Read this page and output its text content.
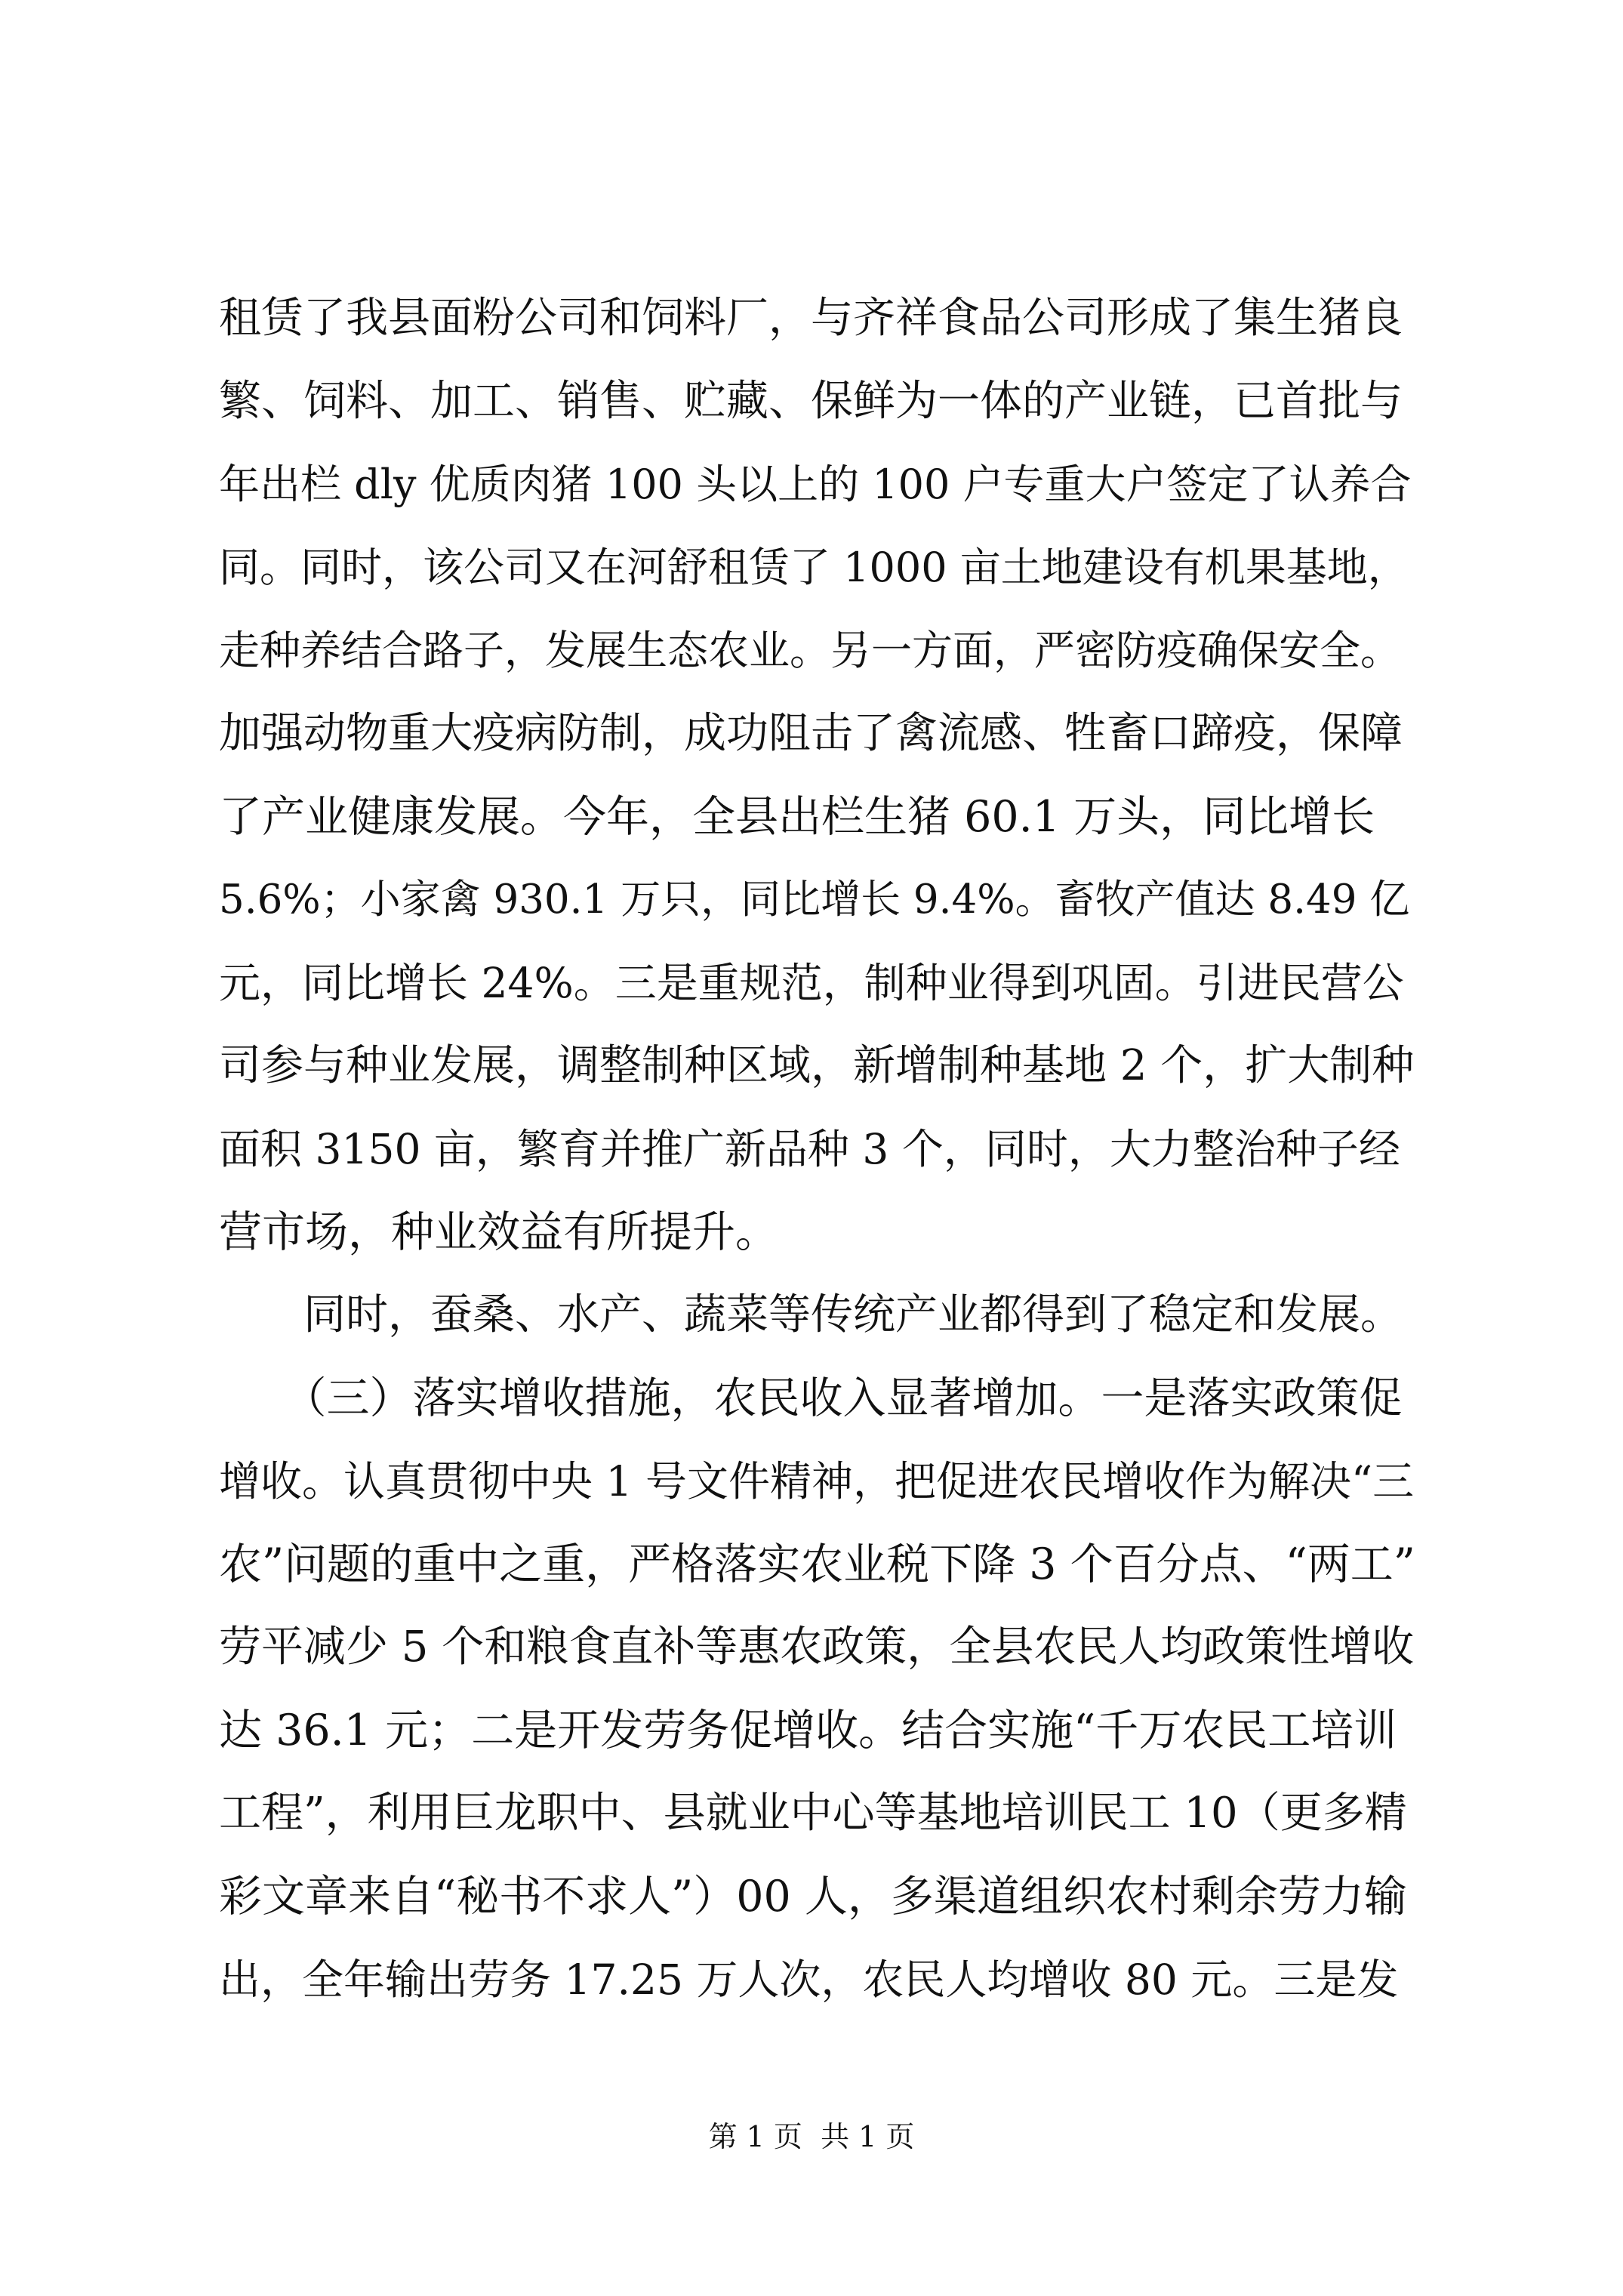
租赁了我县面粉公司和饲料厂，与齐祥食品公司形成了集生猪良
繁、饲料、加工、销售、贮藏、保鲜为一体的产业链，已首批与
年出栏 dly 优质肉猪 100 头以上的 100 户专重大户签定了认养合
同。同时，该公司又在河舒租赁了 1000 亩土地建设有机果基地，
走种养结合路子，发展生态农业。另一方面，严密防疫确保安全。
加强动物重大疫病防制，成功阻击了禽流感、牲畜口蹄疫，保障
了产业健康发展。今年，全县出栏生猪 60.1 万头，同比增长
5.6%；小家禽 930.1 万只，同比增长 9.4%。畜牧产值达 8.49 亿
元，同比增长 24%。三是重规范，制种业得到巩固。引进民营公
司参与种业发展，调整制种区域，新增制种基地 2 个，扩大制种
面积 3150 亩，繁育并推广新品种 3 个，同时，大力整治种子经
营市场，种业效益有所提升。
　　同时，蚕桑、水产、蔬菜等传统产业都得到了稳定和发展。
　　（三）落实增收措施，农民收入显著增加。一是落实政策促
增收。认真贯彻中央 1 号文件精神，把促进农民增收作为解决“三
农”问题的重中之重，严格落实农业税下降 3 个百分点、“两工”
劳平减少 5 个和粮食直补等惠农政策，全县农民人均政策性增收
达 36.1 元；二是开发劳务促增收。结合实施“千万农民工培训
工程”，利用巨龙职中、县就业中心等基地培训民工 10（更多精
彩文章来自“秘书不求人”）00 人，多渠道组织农村剩余劳力输
出，全年输出劳务 17.25 万人次，农民人均增收 80 元。三是发
第 1 页  共 1 页
